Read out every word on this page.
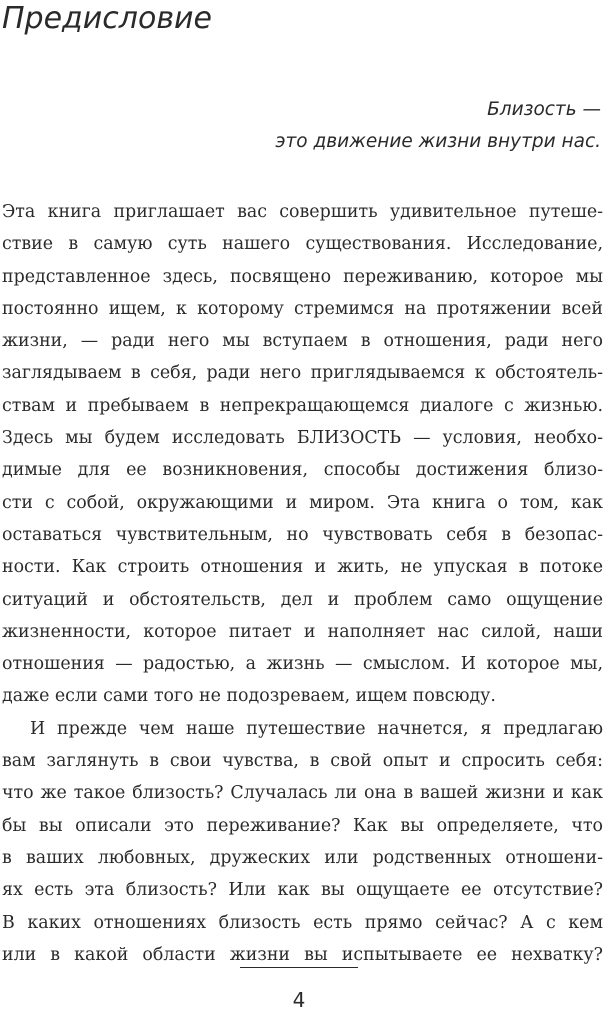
Предисловие
Близость —
это движение жизни внутри нас.
Эта книга приглашает вас совершить удивительное путеше-
ствие в самую суть нашего существования. Исследование,
представленное здесь, посвящено переживанию, которое мы
постоянно ищем, к которому стремимся на протяжении всей
жизни, — ради него мы вступаем в отношения, ради него
заглядываем в себя, ради него приглядываемся к обстоятель-
ствам и пребываем в непрекращающемся диалоге с жизнью.
Здесь мы будем исследовать БЛИЗОСТЬ — условия, необхо-
димые для ее возникновения, способы достижения близо-
сти с собой, окружающими и миром. Эта книга о том, как
оставаться чувствительным, но чувствовать себя в безопас-
ности. Как строить отношения и жить, не упуская в потоке
ситуаций и обстоятельств, дел и проблем само ощущение
жизненности, которое питает и наполняет нас силой, наши
отношения — радостью, а жизнь — смыслом. И которое мы,
даже если сами того не подозреваем, ищем повсюду.
И прежде чем наше путешествие начнется, я предлагаю
вам заглянуть в свои чувства, в свой опыт и спросить себя:
что же такое близость? Случалась ли она в вашей жизни и как
бы вы описали это переживание? Как вы определяете, что
в ваших любовных, дружеских или родственных отношени-
ях есть эта близость? Или как вы ощущаете ее отсутствие?
В каких отношениях близость есть прямо сейчас? А с кем
или в какой области жизни вы испытываете ее нехватку?
4
